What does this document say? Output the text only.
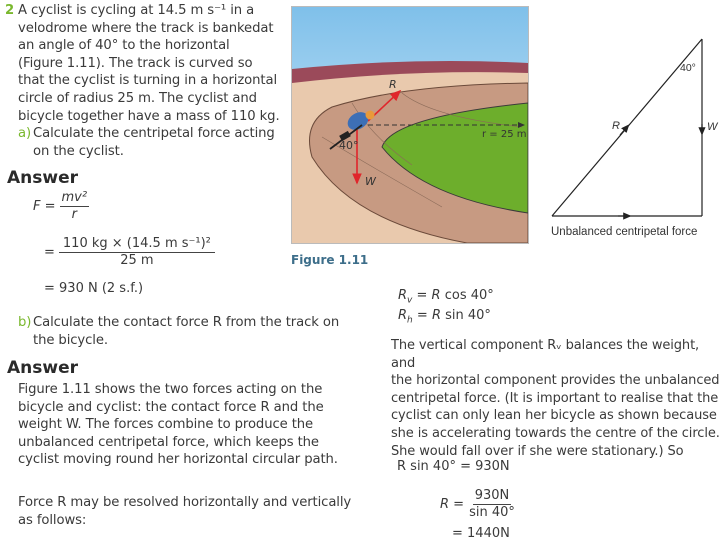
2 A cyclist is cycling at 14.5 m s⁻¹ in a
velodrome where the track is bankedat
an angle of 40° to the horizontal
(Figure 1.11). The track is curved so
that the cyclist is turning in a horizontal
circle of radius 25 m. The cyclist and
bicycle together have a mass of 110 kg.
a) Calculate the centripetal force acting
on the cyclist.
Answer
$F = \frac{\text{mv²}}{r}$
= $\frac{\text{110 kg × (14.5 m s⁻¹)²}}{25 m}$
= 930 N (2 s.f.)
b) Calculate the contact force R from the track on
the bicycle.
Answer
Figure 1.11 shows the two forces acting on the
bicycle and cyclist: the contact force R and the
weight W. The forces combine to produce the
unbalanced centripetal force, which keeps the
cyclist moving round her horizontal circular path.
Force R may be resolved horizontally and vertically
as follows:
R
W
40°
r = 25 m
Figure 1.11
R	W
40°
Unbalanced centripetal force
$R_v = R$ cos 40°
$R_h = R$ sin 40°
The vertical component Rᵥ balances the weight, and
the horizontal component provides the unbalanced
centripetal force. (It is important to realise that the
cyclist can only lean her bicycle as shown because
she is accelerating towards the centre of the circle.
She would fall over if she were stationary.) So
R sin 40° = 930N
$R = \frac{930N}{\sin 40^\circ}$
= 1440N
